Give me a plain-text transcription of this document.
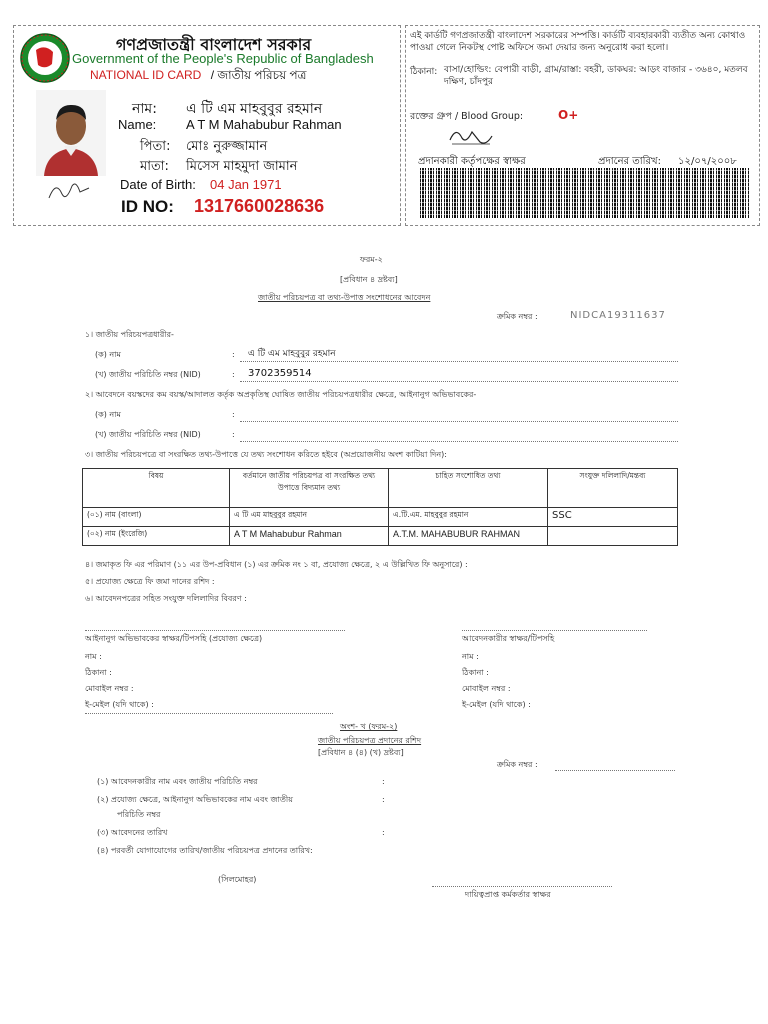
গণপ্রজাতন্ত্রী বাংলাদেশ সরকার
Government of the People's Republic of Bangladesh
NATIONAL ID CARD / জাতীয় পরিচয় পত্র
নাম: এ টি এম মাহবুবুর রহমান
Name: A T M Mahabubur Rahman
পিতা: মোঃ নুরুজ্জামান
মাতা: মিসেস মাহমুদা জামান
Date of Birth: 04 Jan 1971
ID NO: 1317660028636
এই কার্ডটি গণপ্রজাতন্ত্রী বাংলাদেশ সরকারের সম্পত্তি। কার্ডটি ব্যবহারকারী ব্যতীত অন্য কোথাও পাওয়া গেলে নিকটস্থ পোষ্ট অফিসে জমা দেয়ার জন্য অনুরোধ করা হলো।
ঠিকানা: বাসা/হোল্ডিং: বেপারী বাড়ী, গ্রাম/রাস্তা: বহরী, ডাকঘর: আড়ং বাজার - ৩৬৪০, মতলব দক্ষিণ, চাঁদপুর
রক্তের গ্রুপ / Blood Group:	O+
প্রদানকারী কর্তৃপক্ষের স্বাক্ষর	প্রদানের তারিখ: ১২/০৭/২০০৮
ফরম-২
[প্রবিধান ৪ দ্রষ্টব্য]
জাতীয় পরিচয়পত্র বা তথ্য-উপাত্ত সংশোধনের আবেদন
ক্রমিক নম্বর :	NIDCA19311637
১। জাতীয় পরিচয়পত্রধারীর-
(ক) নাম	: এ টি এম মাহবুবুর রহমান
(খ) জাতীয় পরিচিতি নম্বর (NID)	: 3702359514
২। আবেদনে বয়স্কদের কম বয়স্ক/আদালত কর্তৃক অপ্রকৃতিস্থ ঘোষিত জাতীয় পরিচয়পত্রধারীর ক্ষেত্রে, আইনানুগ অভিভাবকের-
(ক) নাম	:
(খ) জাতীয় পরিচিতি নম্বর (NID)	:
৩। জাতীয় পরিচয়পত্রে বা সংরক্ষিত তথ্য-উপাত্তে যে তথ্য সংশোধন করিতে হইবে (অপ্রয়োজনীয় অংশ কাটিয়া দিন):
বিষয়	বর্তমানে জাতীয় পরিচয়পত্র বা সংরক্ষিত তথ্য উপাত্তে বিদ্যমান তথ্য	চাহিত সংশোধিত তথ্য	সংযুক্ত দলিলাদি/মন্তব্য
(০১) নাম (বাংলা)	এ টি এম মাহবুবুর রহমান	এ.টি.এম. মাহবুবুর রহমান	SSC
(০২) নাম (ইংরেজি)	A T M Mahabubur Rahman	A.T.M. MAHABUBUR RAHMAN	
৪। জমাকৃত ফি এর পরিমাণ (১১ এর উপ-প্রবিধান (১) এর ক্রমিক নং ১ বা, প্রযোজ্য ক্ষেত্রে, ২ এ উল্লিখিত ফি অনুসারে) :
৫। প্রযোজ্য ক্ষেত্রে ফি জমা দানের রশিদ :
৬। আবেদনপত্রের সহিত সংযুক্ত দলিলাদির বিবরণ :
আইনানুগ অভিভাবকের স্বাক্ষর/টিপসহি (প্রযোজ্য ক্ষেত্রে)	আবেদনকারীর স্বাক্ষর/টিপসহি
নাম :	নাম :
ঠিকানা :	ঠিকানা :
মোবাইল নম্বর :	মোবাইল নম্বর :
ই-মেইল (যদি থাকে) :	ই-মেইল (যদি থাকে) :
অংশ- খ (ফরম-২)
জাতীয় পরিচয়পত্র প্রদানের রশিদ
[প্রবিধান ৪ (৪) (খ) দ্রষ্টব্য]
ক্রমিক নম্বর :
(১) আবেদনকারীর নাম এবং জাতীয় পরিচিতি নম্বর	:
(২) প্রযোজ্য ক্ষেত্রে, আইনানুগ অভিভাবকের নাম এবং জাতীয়	:
পরিচিতি নম্বর
(৩) আবেদনের তারিখ	:
(৪) পরবর্তী যোগাযোগের তারিখ/জাতীয় পরিচয়পত্র প্রদানের তারিখ:
(সিলমোহর)
দায়িত্বপ্রাপ্ত কর্মকর্তার স্বাক্ষর
